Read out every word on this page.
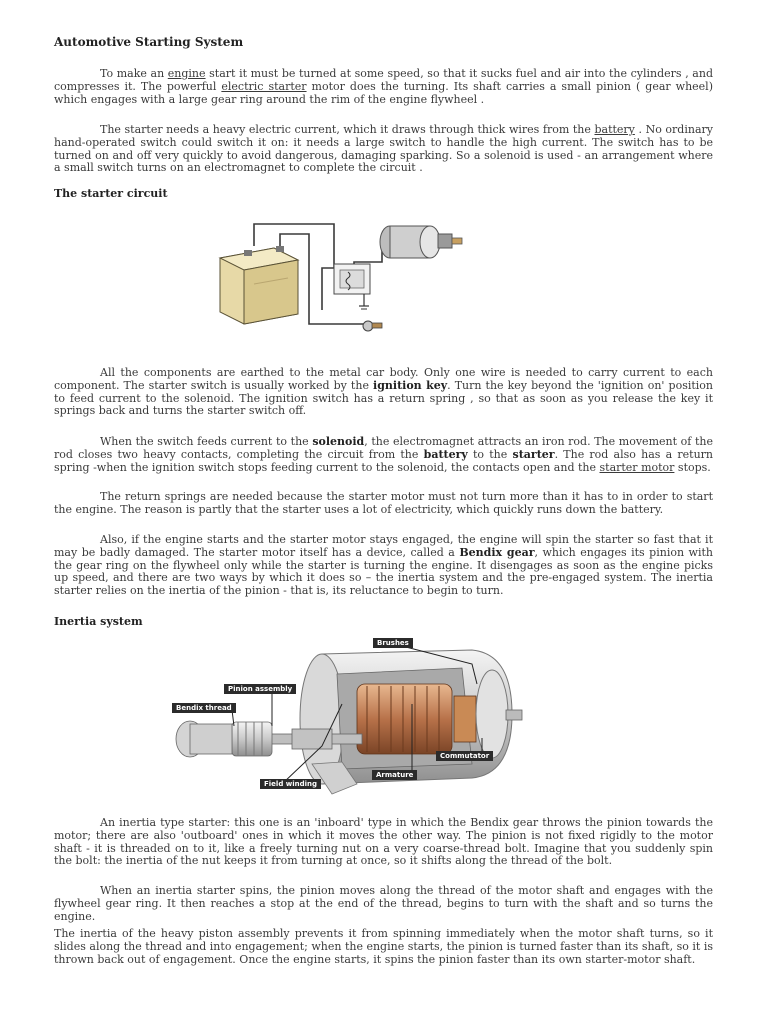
Automotive Starting System
To make an engine start it must be turned at some speed, so that it sucks fuel and air into the cylinders , and compresses it. The powerful electric starter motor does the turning. Its shaft carries a small pinion ( gear wheel) which engages with a large gear ring around the rim of the engine flywheel .
The starter needs a heavy electric current, which it draws through thick wires from the battery . No ordinary hand-operated switch could switch it on: it needs a large switch to handle the high current. The switch has to be turned on and off very quickly to avoid dangerous, damaging sparking. So a solenoid is used - an arrangement where a small switch turns on an electromagnet to complete the circuit .
The starter circuit
All the components are earthed to the metal car body. Only one wire is needed to carry current to each component. The starter switch is usually worked by the ignition key. Turn the key beyond the 'ignition on' position to feed current to the solenoid. The ignition switch has a return spring , so that as soon as you release the key it springs back and turns the starter switch off.
When the switch feeds current to the solenoid, the electromagnet attracts an iron rod. The movement of the rod closes two heavy contacts, completing the circuit from the battery to the starter. The rod also has a return spring -when the ignition switch stops feeding current to the solenoid, the contacts open and the starter motor stops.
The return springs are needed because the starter motor must not turn more than it has to in order to start the engine. The reason is partly that the starter uses a lot of electricity, which quickly runs down the battery.
Also, if the engine starts and the starter motor stays engaged, the engine will spin the starter so fast that it may be badly damaged. The starter motor itself has a device, called a Bendix gear, which engages its pinion with the gear ring on the flywheel only while the starter is turning the engine. It disengages as soon as the engine picks up speed, and there are two ways by which it does so – the inertia system and the pre-engaged system. The inertia starter relies on the inertia of the pinion - that is, its reluctance to begin to turn.
Inertia system
Brushes
Pinion assembly
Bendix thread
Commutator
Armature
Field winding
An inertia type starter: this one is an 'inboard' type in which the Bendix gear throws the pinion towards the motor; there are also 'outboard' ones in which it moves the other way. The pinion is not fixed rigidly to the motor shaft - it is threaded on to it, like a freely turning nut on a very coarse-thread bolt. Imagine that you suddenly spin the bolt: the inertia of the nut keeps it from turning at once, so it shifts along the thread of the bolt.
When an inertia starter spins, the pinion moves along the thread of the motor shaft and engages with the flywheel gear ring. It then reaches a stop at the end of the thread, begins to turn with the shaft and so turns the engine.
The inertia of the heavy piston assembly prevents it from spinning immediately when the motor shaft turns, so it slides along the thread and into engagement; when the engine starts, the pinion is turned faster than its shaft, so it is thrown back out of engagement. Once the engine starts, it spins the pinion faster than its own starter-motor shaft.
